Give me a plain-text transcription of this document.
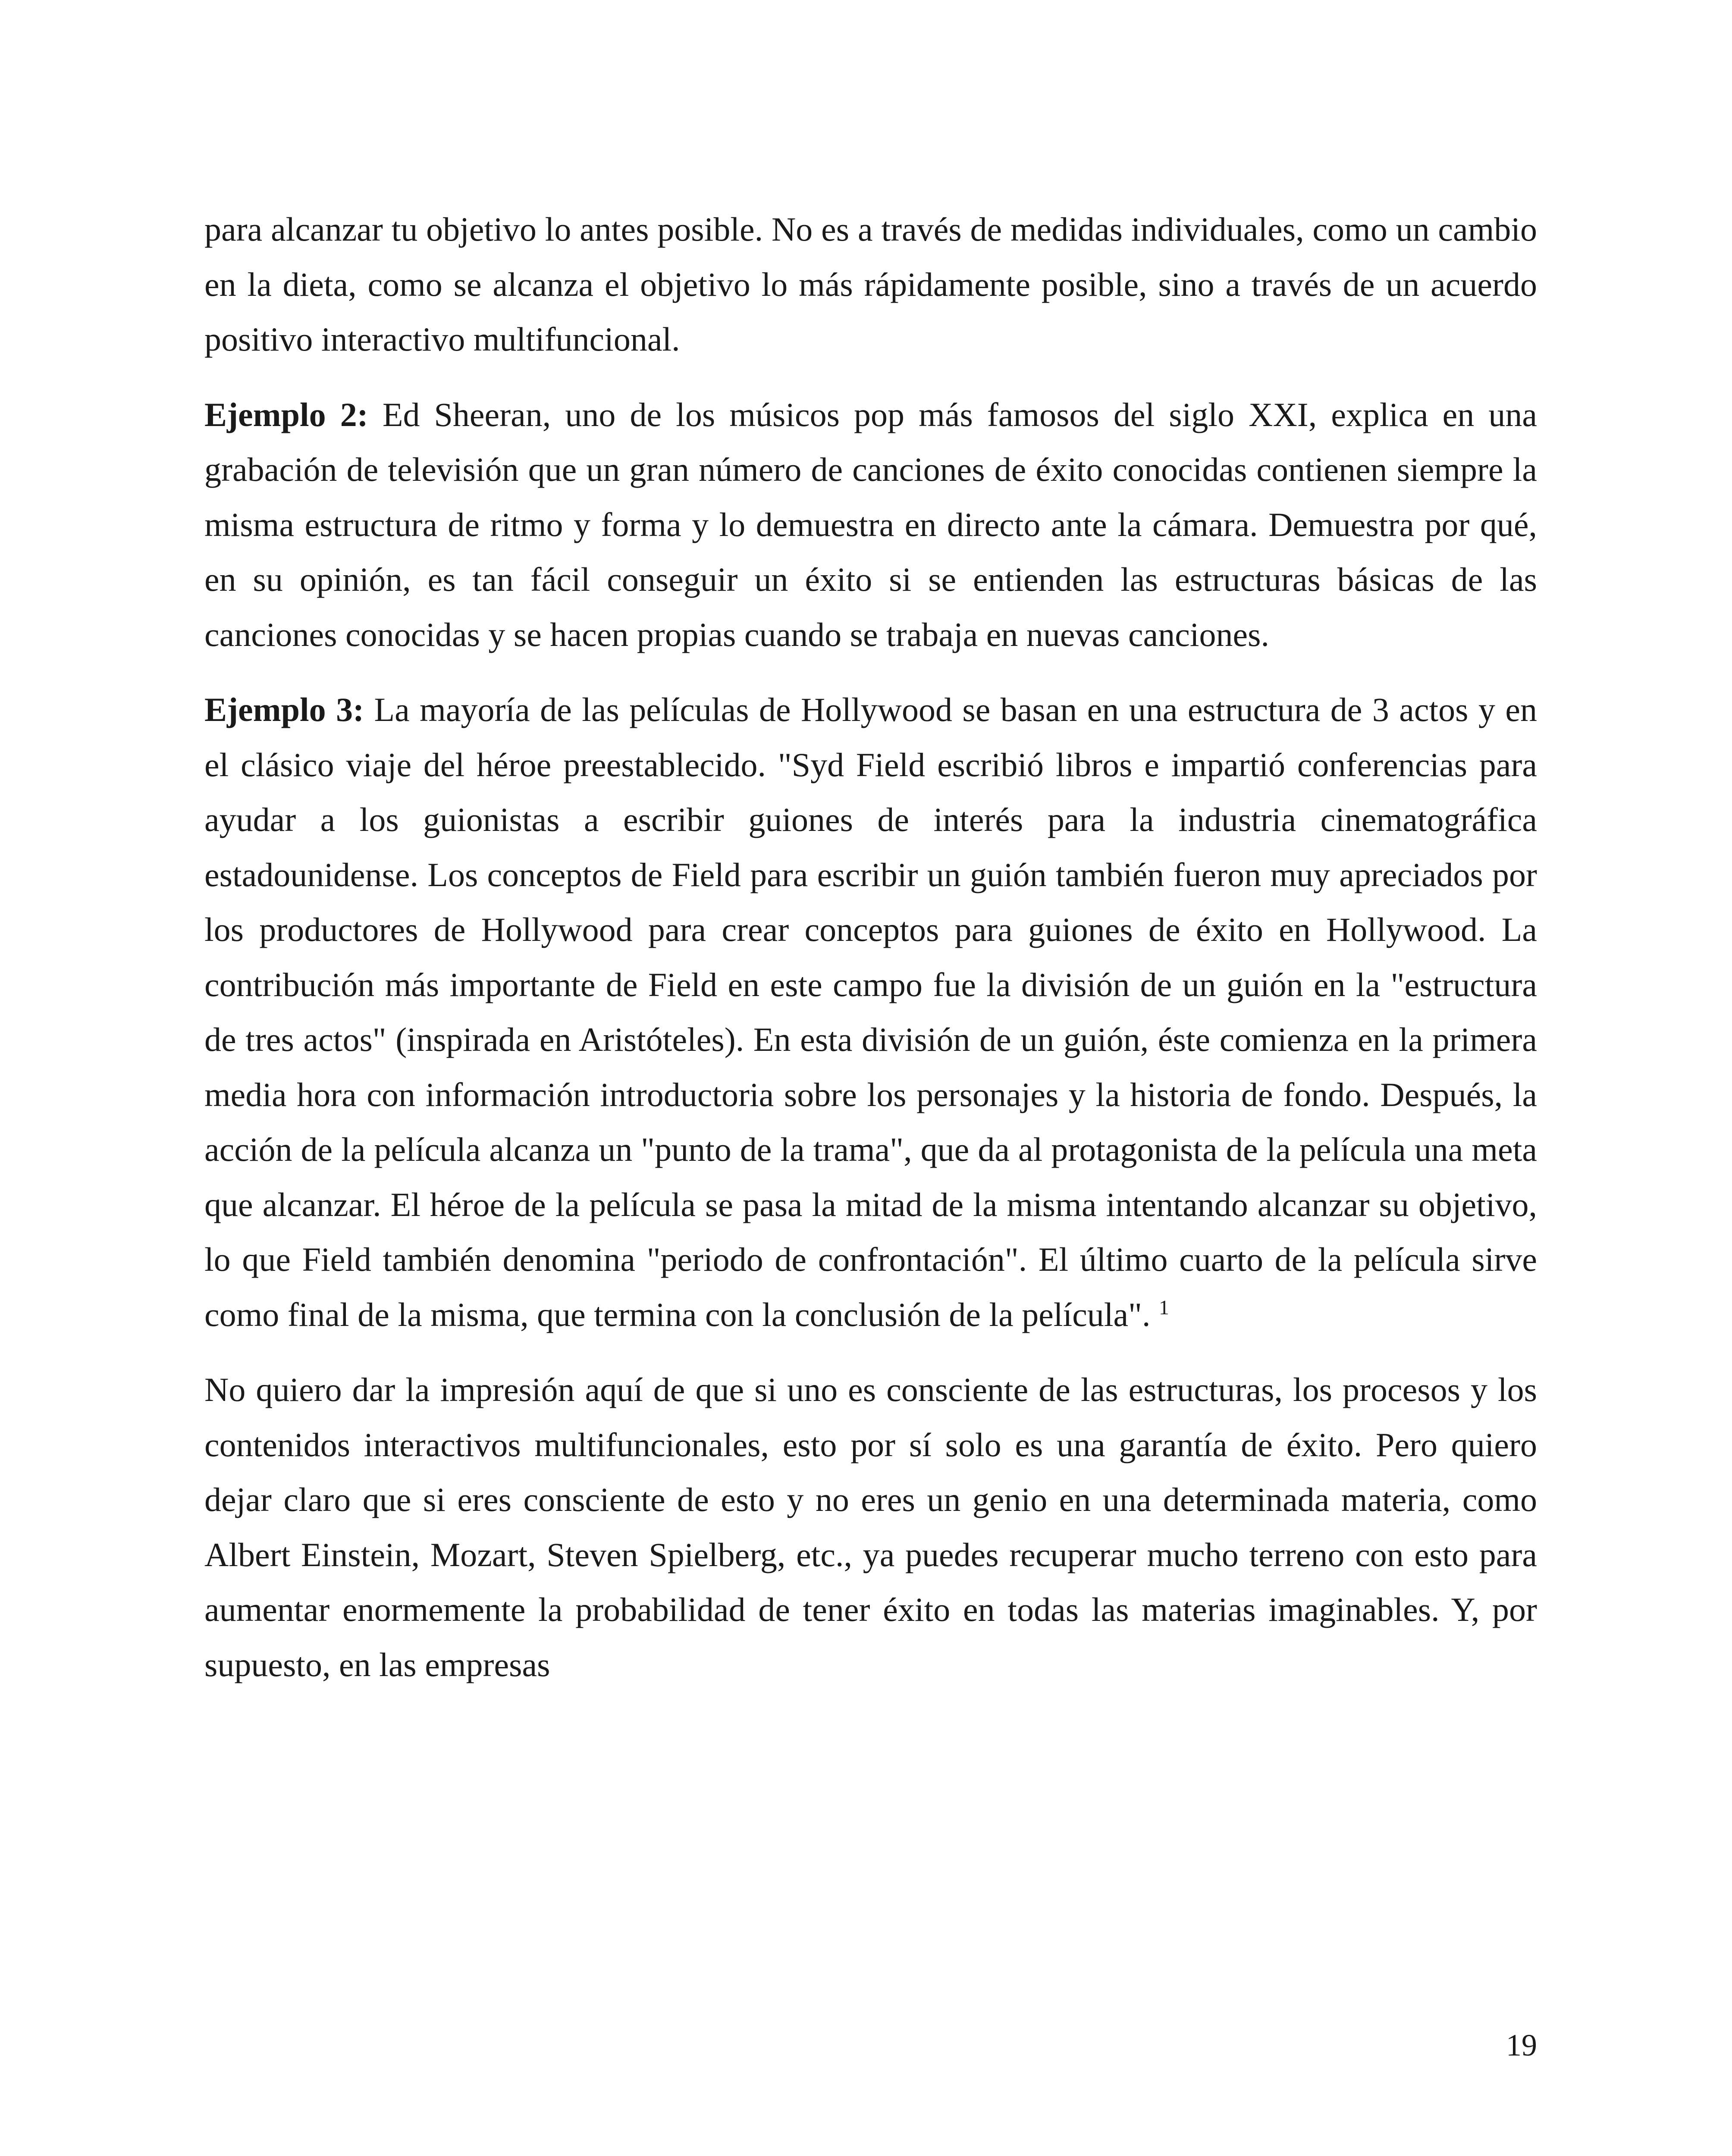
para alcanzar tu objetivo lo antes posible. No es a través de medidas individuales, como un cambio en la dieta, como se alcanza el objetivo lo más rápidamente posible, sino a través de un acuerdo positivo interactivo multifuncional.

Ejemplo 2: Ed Sheeran, uno de los músicos pop más famosos del siglo XXI, explica en una grabación de televisión que un gran número de canciones de éxito conocidas contienen siempre la misma estructura de ritmo y forma y lo demuestra en directo ante la cámara. Demuestra por qué, en su opinión, es tan fácil conseguir un éxito si se entienden las estructuras básicas de las canciones conocidas y se hacen propias cuando se trabaja en nuevas canciones.

Ejemplo 3: La mayoría de las películas de Hollywood se basan en una estructura de 3 actos y en el clásico viaje del héroe preestablecido. "Syd Field escribió libros e impartió conferencias para ayudar a los guionistas a escribir guiones de interés para la industria cinematográfica estadounidense. Los conceptos de Field para escribir un guión también fueron muy apreciados por los productores de Hollywood para crear conceptos para guiones de éxito en Hollywood. La contribución más importante de Field en este campo fue la división de un guión en la "estructura de tres actos" (inspirada en Aristóteles). En esta división de un guión, éste comienza en la primera media hora con información introductoria sobre los personajes y la historia de fondo. Después, la acción de la película alcanza un "punto de la trama", que da al protagonista de la película una meta que alcanzar. El héroe de la película se pasa la mitad de la misma intentando alcanzar su objetivo, lo que Field también denomina "periodo de confrontación". El último cuarto de la película sirve como final de la misma, que termina con la conclusión de la película". $^1$

No quiero dar la impresión aquí de que si uno es consciente de las estructuras, los procesos y los contenidos interactivos multifuncionales, esto por sí solo es una garantía de éxito. Pero quiero dejar claro que si eres consciente de esto y no eres un genio en una determinada materia, como Albert Einstein, Mozart, Steven Spielberg, etc., ya puedes recuperar mucho terreno con esto para aumentar enormemente la probabilidad de tener éxito en todas las materias imaginables. Y, por supuesto, en las empresas

19
